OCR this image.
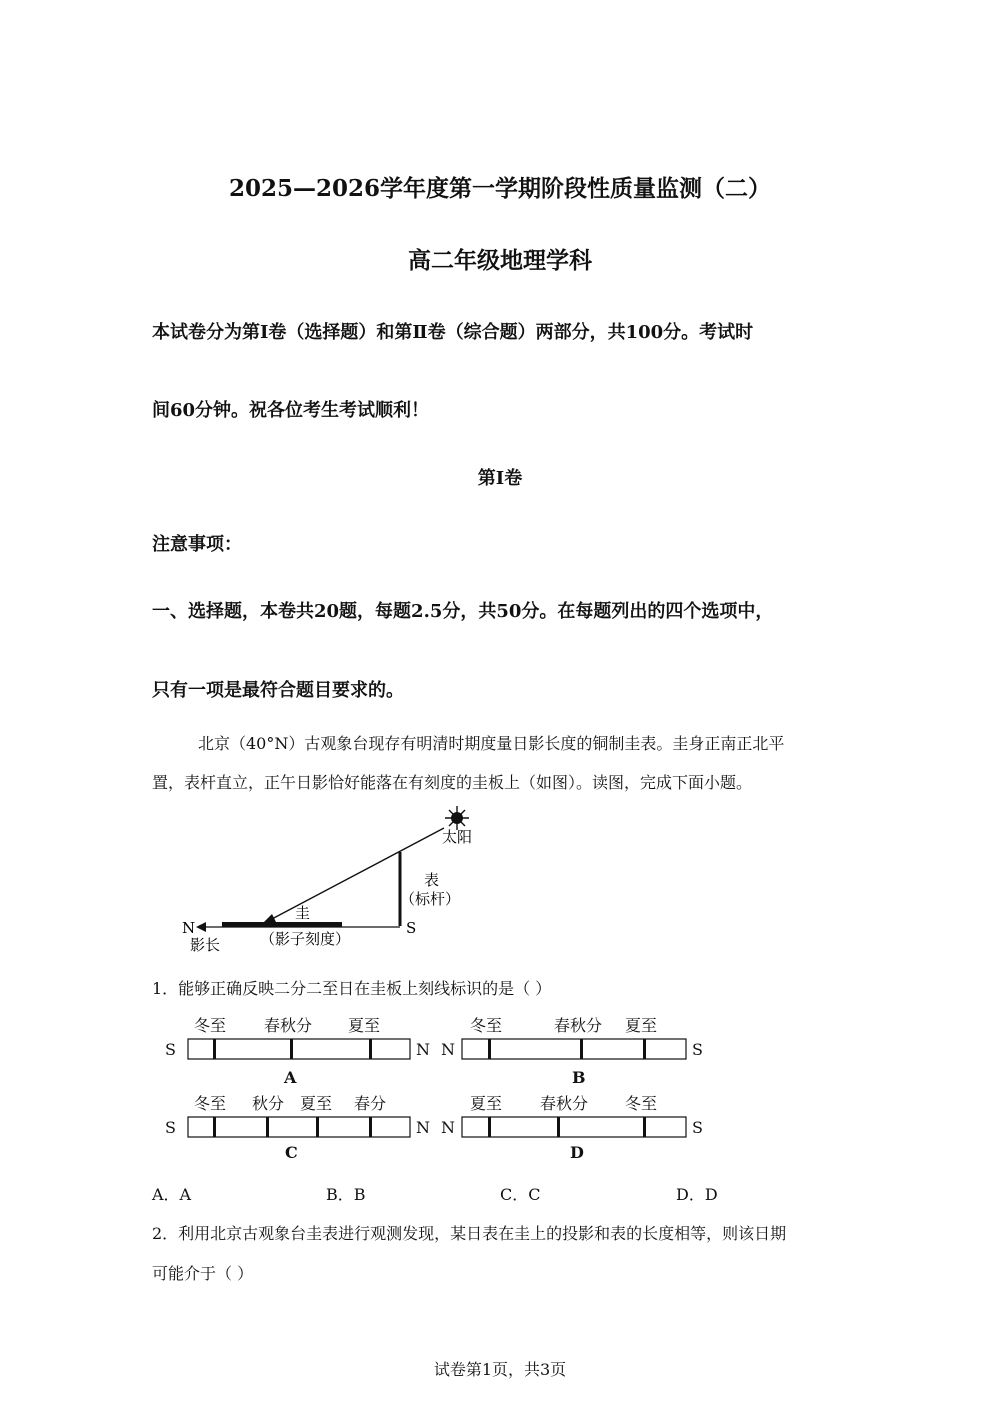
2025—2026学年度第一学期阶段性质量监测（二）
高二年级地理学科
本试卷分为第Ⅰ卷（选择题）和第Ⅱ卷（综合题）两部分，共100分。考试时
间60分钟。祝各位考生考试顺利！
第Ⅰ卷
注意事项：
一、选择题，本卷共20题，每题2.5分，共50分。在每题列出的四个选项中，
只有一项是最符合题目要求的。
北京（40°N）古观象台现存有明清时期度量日影长度的铜制圭表。圭身正南正北平
置，表杆直立，正午日影恰好能落在有刻度的圭板上（如图）。读图，完成下面小题。
太阳
表
（标杆）
圭
（影子刻度）
N	S
影长
1．能够正确反映二分二至日在圭板上刻线标识的是（ ）
冬至 春秋分 夏至
S	N
A
冬至	春秋分 夏至
N	S
B
冬至 秋分 夏至 春分
S	N
C
夏至 春秋分 冬至
N	S
D
A．A	B．B	C．C	D．D
2．利用北京古观象台圭表进行观测发现，某日表在圭上的投影和表的长度相等，则该日期
可能介于（ ）
试卷第1页，共3页
